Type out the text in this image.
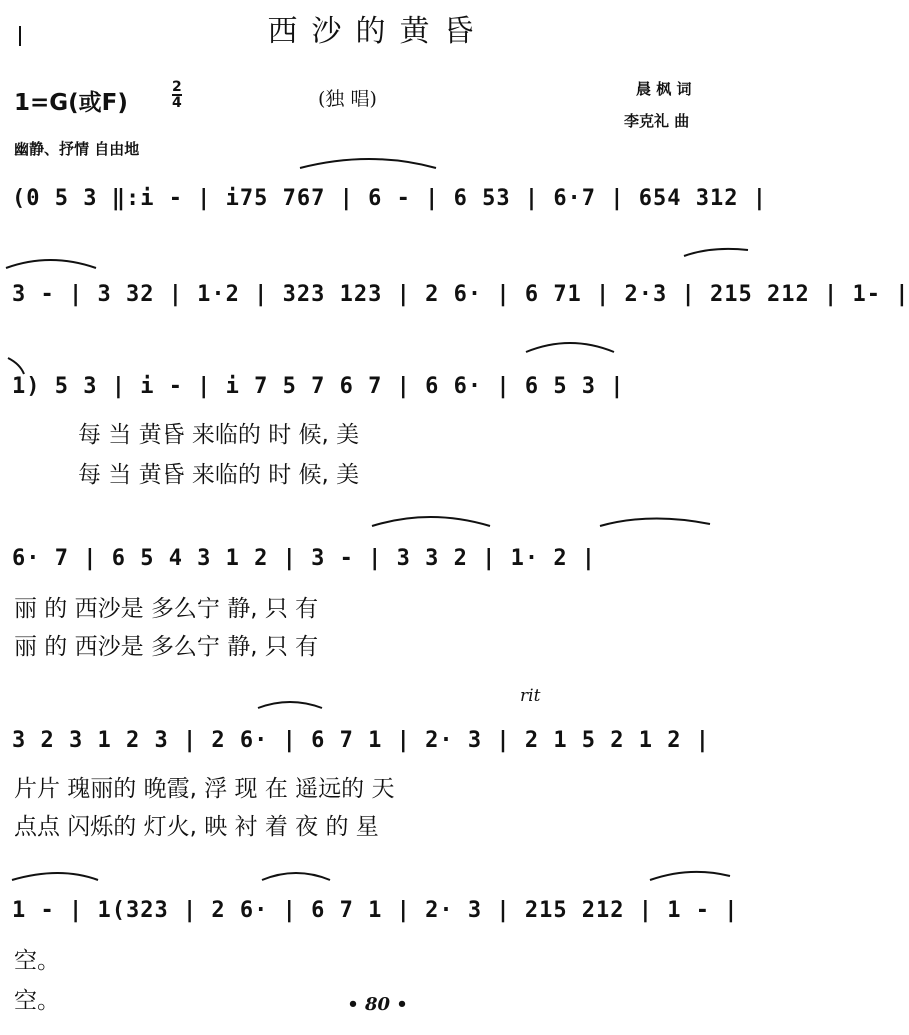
西沙的黄昏
1=G(或F)
2
4	(独 唱)	晨 枫 词
李克礼 曲
幽静、抒情 自由地
(0 5 3 ‖:i - | i75 767 | 6 - | 6 53 | 6·7 | 654 312 |
3 - | 3 32 | 1·2 | 323 123 | 2 6· | 6 71 | 2·3 | 215 212 | 1- |
1) 5 3 | i - | i 7 5 7 6 7 | 6 6· | 6 5 3 |
每 当 黄昏 来临的 时 候, 美
每 当 黄昏 来临的 时 候, 美
6· 7 | 6 5 4 3 1 2 | 3 - | 3 3 2 | 1· 2 |
丽 的 西沙是 多么宁 静, 只 有
丽 的 西沙是 多么宁 静, 只 有
rit
3 2 3 1 2 3 | 2 6· | 6 7 1 | 2· 3 | 2 1 5 2 1 2 |
片片 瑰丽的 晚霞, 浮 现 在 遥远的 天
点点 闪烁的 灯火, 映 衬 着 夜 的 星
1 - | 1(323 | 2 6· | 6 7 1 | 2· 3 | 215 212 | 1 - |
空。
空。	• 80 •
